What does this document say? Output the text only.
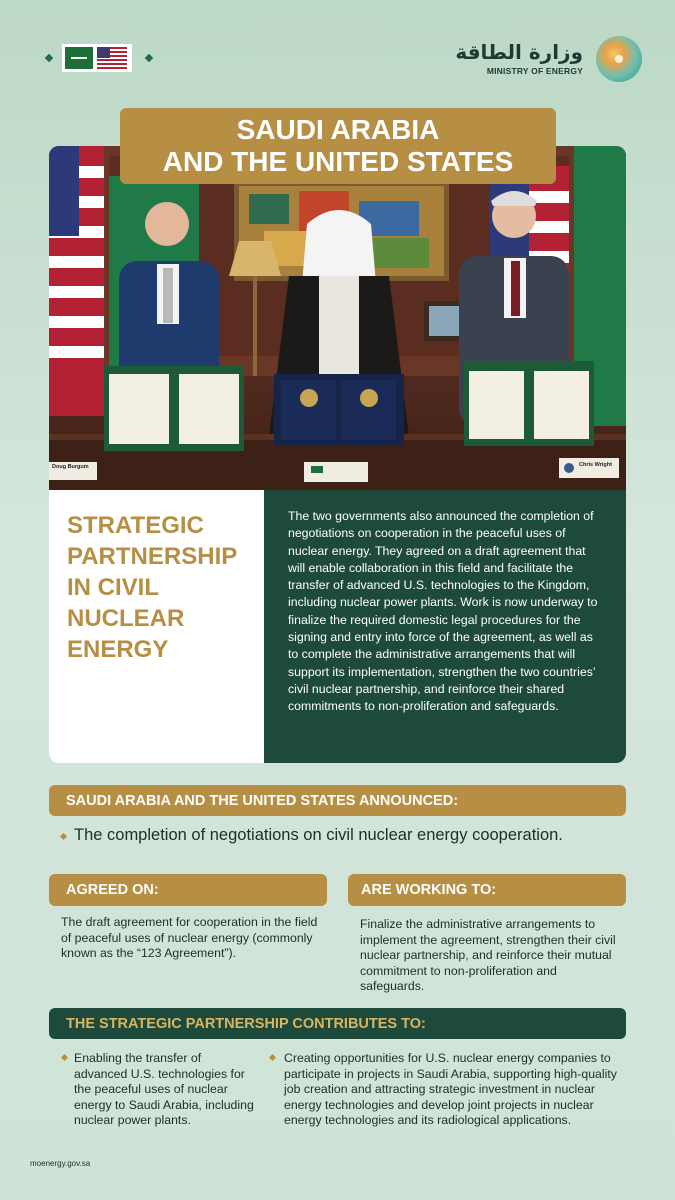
وزارة الطاقة
MINISTRY OF ENERGY
Doug Burgum	Chris Wright
SAUDI ARABIA
AND THE UNITED STATES
STRATEGIC PARTNERSHIP IN CIVIL NUCLEAR ENERGY
The two governments also announced the completion of negotiations on cooperation in the peaceful uses of nuclear energy. They agreed on a draft agreement that will enable collaboration in this field and facilitate the transfer of advanced U.S. technologies to the Kingdom, including nuclear power plants. Work is now underway to finalize the required domestic legal procedures for the signing and entry into force of the agreement, as well as to complete the administrative arrangements that will support its implementation, strengthen the two countries’ civil nuclear partnership, and reinforce their shared commitments to non-proliferation and safeguards.
SAUDI ARABIA AND THE UNITED STATES ANNOUNCED:
The completion of negotiations on civil nuclear energy cooperation.
AGREED ON:
The draft agreement for cooperation in the field of peaceful uses of nuclear energy (commonly known as the “123 Agreement”).
ARE WORKING TO:
Finalize the administrative arrangements to implement the agreement, strengthen their civil nuclear partnership, and reinforce their mutual commitment to non-proliferation and safeguards.
THE STRATEGIC PARTNERSHIP CONTRIBUTES TO:
Enabling the transfer of advanced U.S. technologies for the peaceful uses of nuclear energy to Saudi Arabia, including nuclear power plants.
Creating opportunities for U.S. nuclear energy companies to participate in projects in Saudi Arabia, supporting high-quality job creation and attracting strategic investment in nuclear energy technologies and develop joint projects in nuclear energy technologies and its radiological applications.
moenergy.gov.sa
